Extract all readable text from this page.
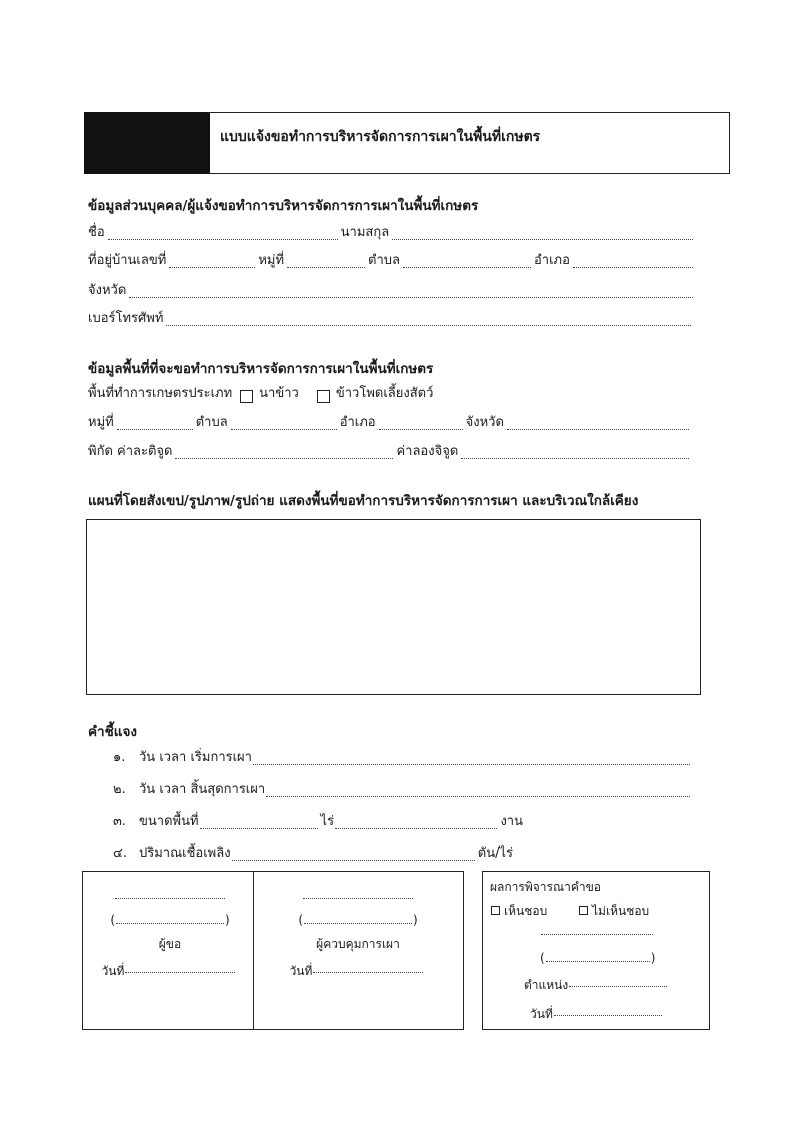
แบบแจ้งขอทำการบริหารจัดการการเผาในพื้นที่เกษตร
ข้อมูลส่วนบุคคล/ผู้แจ้งขอทำการบริหารจัดการการเผาในพื้นที่เกษตร
ชื่อ	นามสกุล
ที่อยู่บ้านเลขที่	หมู่ที่	ตำบล	อำเภอ
จังหวัด
เบอร์โทรศัพท์
ข้อมูลพื้นที่ที่จะขอทำการบริหารจัดการการเผาในพื้นที่เกษตร
พื้นที่ทำการเกษตรประเภท นาข้าว	ข้าวโพดเลี้ยงสัตว์
หมู่ที่	ตำบล	อำเภอ	จังหวัด
พิกัด ค่าละติจูด	ค่าลองจิจูด
แผนที่โดยสังเขป/รูปภาพ/รูปถ่าย แสดงพื้นที่ขอทำการบริหารจัดการการเผา และบริเวณใกล้เคียง
คำชี้แจง
๑.	วัน เวลา เริ่มการเผา
๒.	วัน เวลา สิ้นสุดการเผา
๓. ขนาดพื้นที่	ไร่	งาน
๔. ปริมาณเชื้อเพลิง	ตัน/ไร่
(	)
ผู้ขอ
วันที่
(	)
ผู้ควบคุมการเผา
วันที่
ผลการพิจารณาคำขอ
เห็นชอบ	ไม่เห็นชอบ
(	)
ตำแหน่ง
วันที่
